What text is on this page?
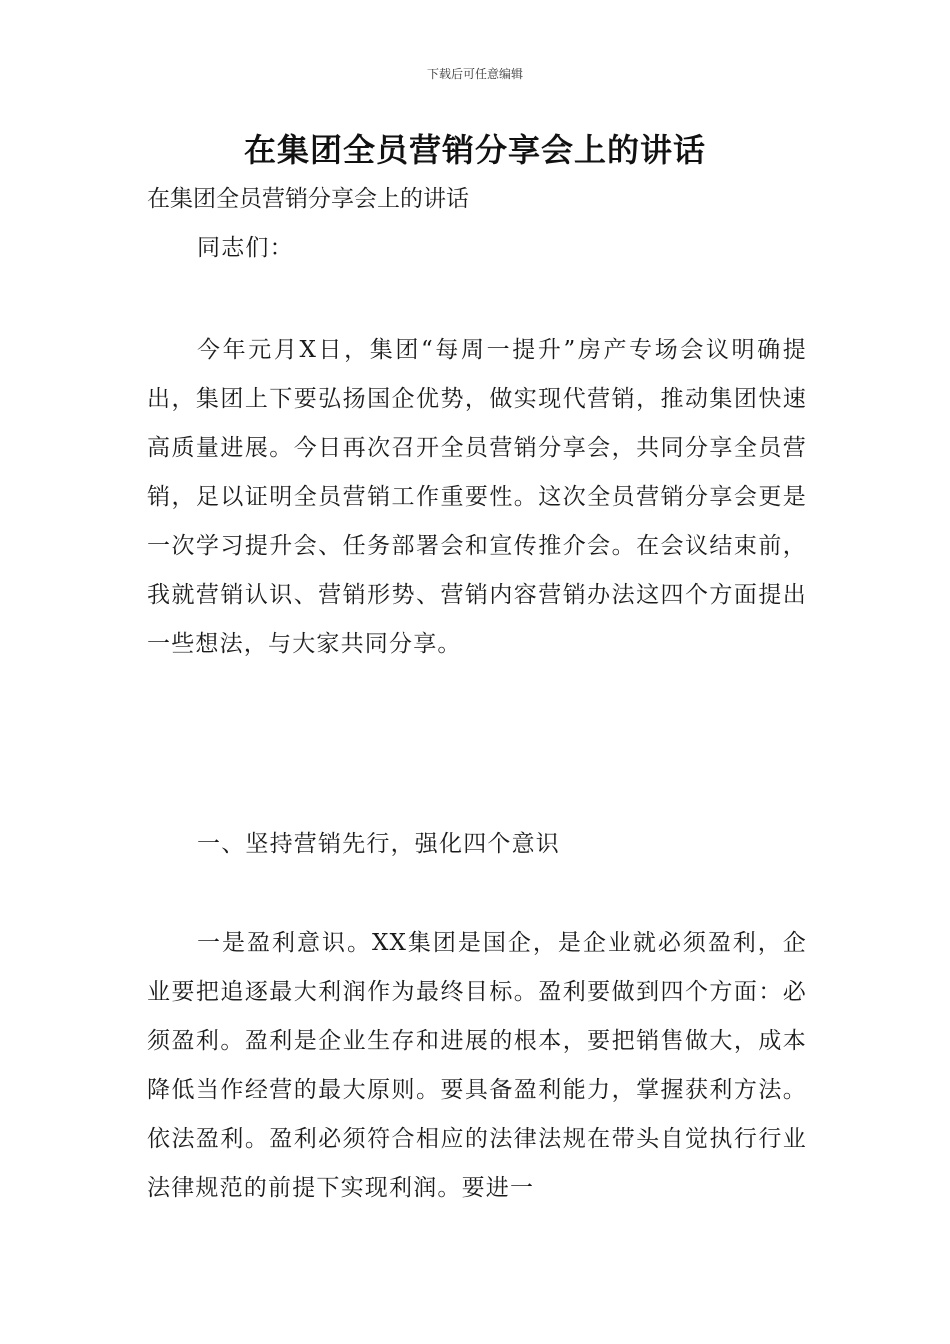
下载后可任意编辑
在集团全员营销分享会上的讲话
在集团全员营销分享会上的讲话
同志们：
今年元月X日，集团“每周一提升”房产专场会议明确提出，集团上下要弘扬国企优势，做实现代营销，推动集团快速高质量进展。今日再次召开全员营销分享会，共同分享全员营销，足以证明全员营销工作重要性。这次全员营销分享会更是一次学习提升会、任务部署会和宣传推介会。在会议结束前，我就营销认识、营销形势、营销内容营销办法这四个方面提出一些想法，与大家共同分享。
一、坚持营销先行，强化四个意识
一是盈利意识。XX集团是国企，是企业就必须盈利，企业要把追逐最大利润作为最终目标。盈利要做到四个方面：必须盈利。盈利是企业生存和进展的根本，要把销售做大，成本降低当作经营的最大原则。要具备盈利能力，掌握获利方法。依法盈利。盈利必须符合相应的法律法规在带头自觉执行行业法律规范的前提下实现利润。要进一
